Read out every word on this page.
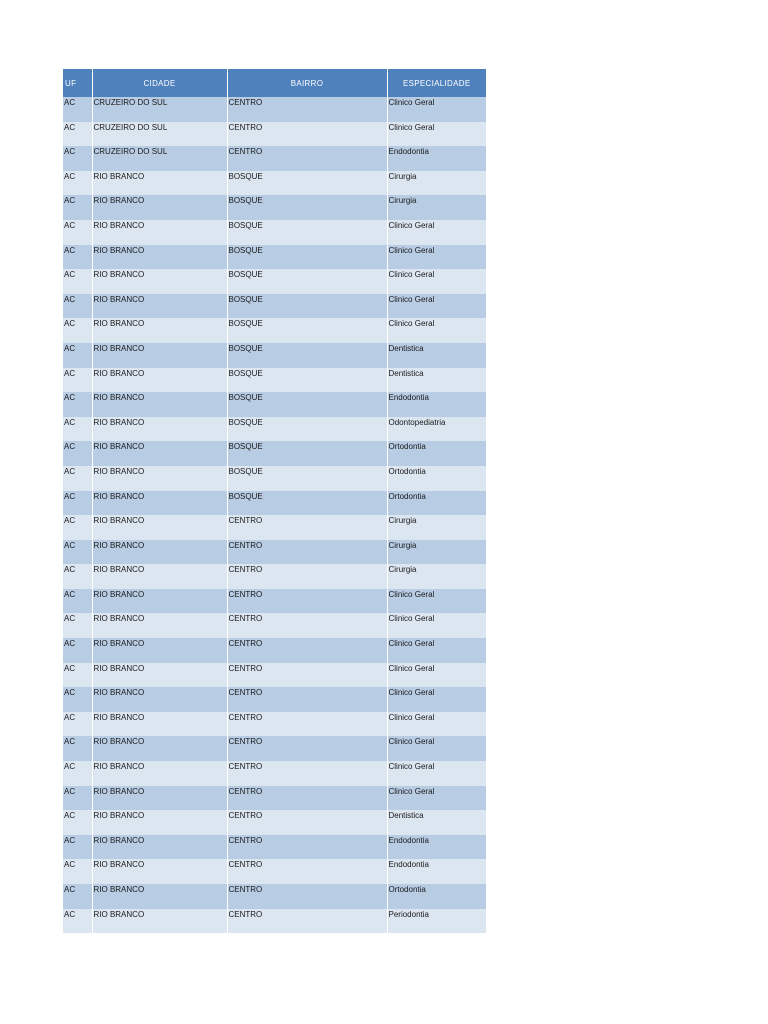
UF	CIDADE	BAIRRO	ESPECIALIDADE
AC	CRUZEIRO DO SUL	CENTRO	Clinico Geral
AC	CRUZEIRO DO SUL	CENTRO	Clinico Geral
AC	CRUZEIRO DO SUL	CENTRO	Endodontia
AC	RIO BRANCO	BOSQUE	Cirurgia
AC	RIO BRANCO	BOSQUE	Cirurgia
AC	RIO BRANCO	BOSQUE	Clinico Geral
AC	RIO BRANCO	BOSQUE	Clinico Geral
AC	RIO BRANCO	BOSQUE	Clinico Geral
AC	RIO BRANCO	BOSQUE	Clinico Geral
AC	RIO BRANCO	BOSQUE	Clinico Geral
AC	RIO BRANCO	BOSQUE	Dentistica
AC	RIO BRANCO	BOSQUE	Dentistica
AC	RIO BRANCO	BOSQUE	Endodontia
AC	RIO BRANCO	BOSQUE	Odontopediatria
AC	RIO BRANCO	BOSQUE	Ortodontia
AC	RIO BRANCO	BOSQUE	Ortodontia
AC	RIO BRANCO	BOSQUE	Ortodontia
AC	RIO BRANCO	CENTRO	Cirurgia
AC	RIO BRANCO	CENTRO	Cirurgia
AC	RIO BRANCO	CENTRO	Cirurgia
AC	RIO BRANCO	CENTRO	Clinico Geral
AC	RIO BRANCO	CENTRO	Clinico Geral
AC	RIO BRANCO	CENTRO	Clinico Geral
AC	RIO BRANCO	CENTRO	Clinico Geral
AC	RIO BRANCO	CENTRO	Clinico Geral
AC	RIO BRANCO	CENTRO	Clinico Geral
AC	RIO BRANCO	CENTRO	Clinico Geral
AC	RIO BRANCO	CENTRO	Clinico Geral
AC	RIO BRANCO	CENTRO	Clinico Geral
AC	RIO BRANCO	CENTRO	Dentistica
AC	RIO BRANCO	CENTRO	Endodontia
AC	RIO BRANCO	CENTRO	Endodontia
AC	RIO BRANCO	CENTRO	Ortodontia
AC	RIO BRANCO	CENTRO	Periodontia
